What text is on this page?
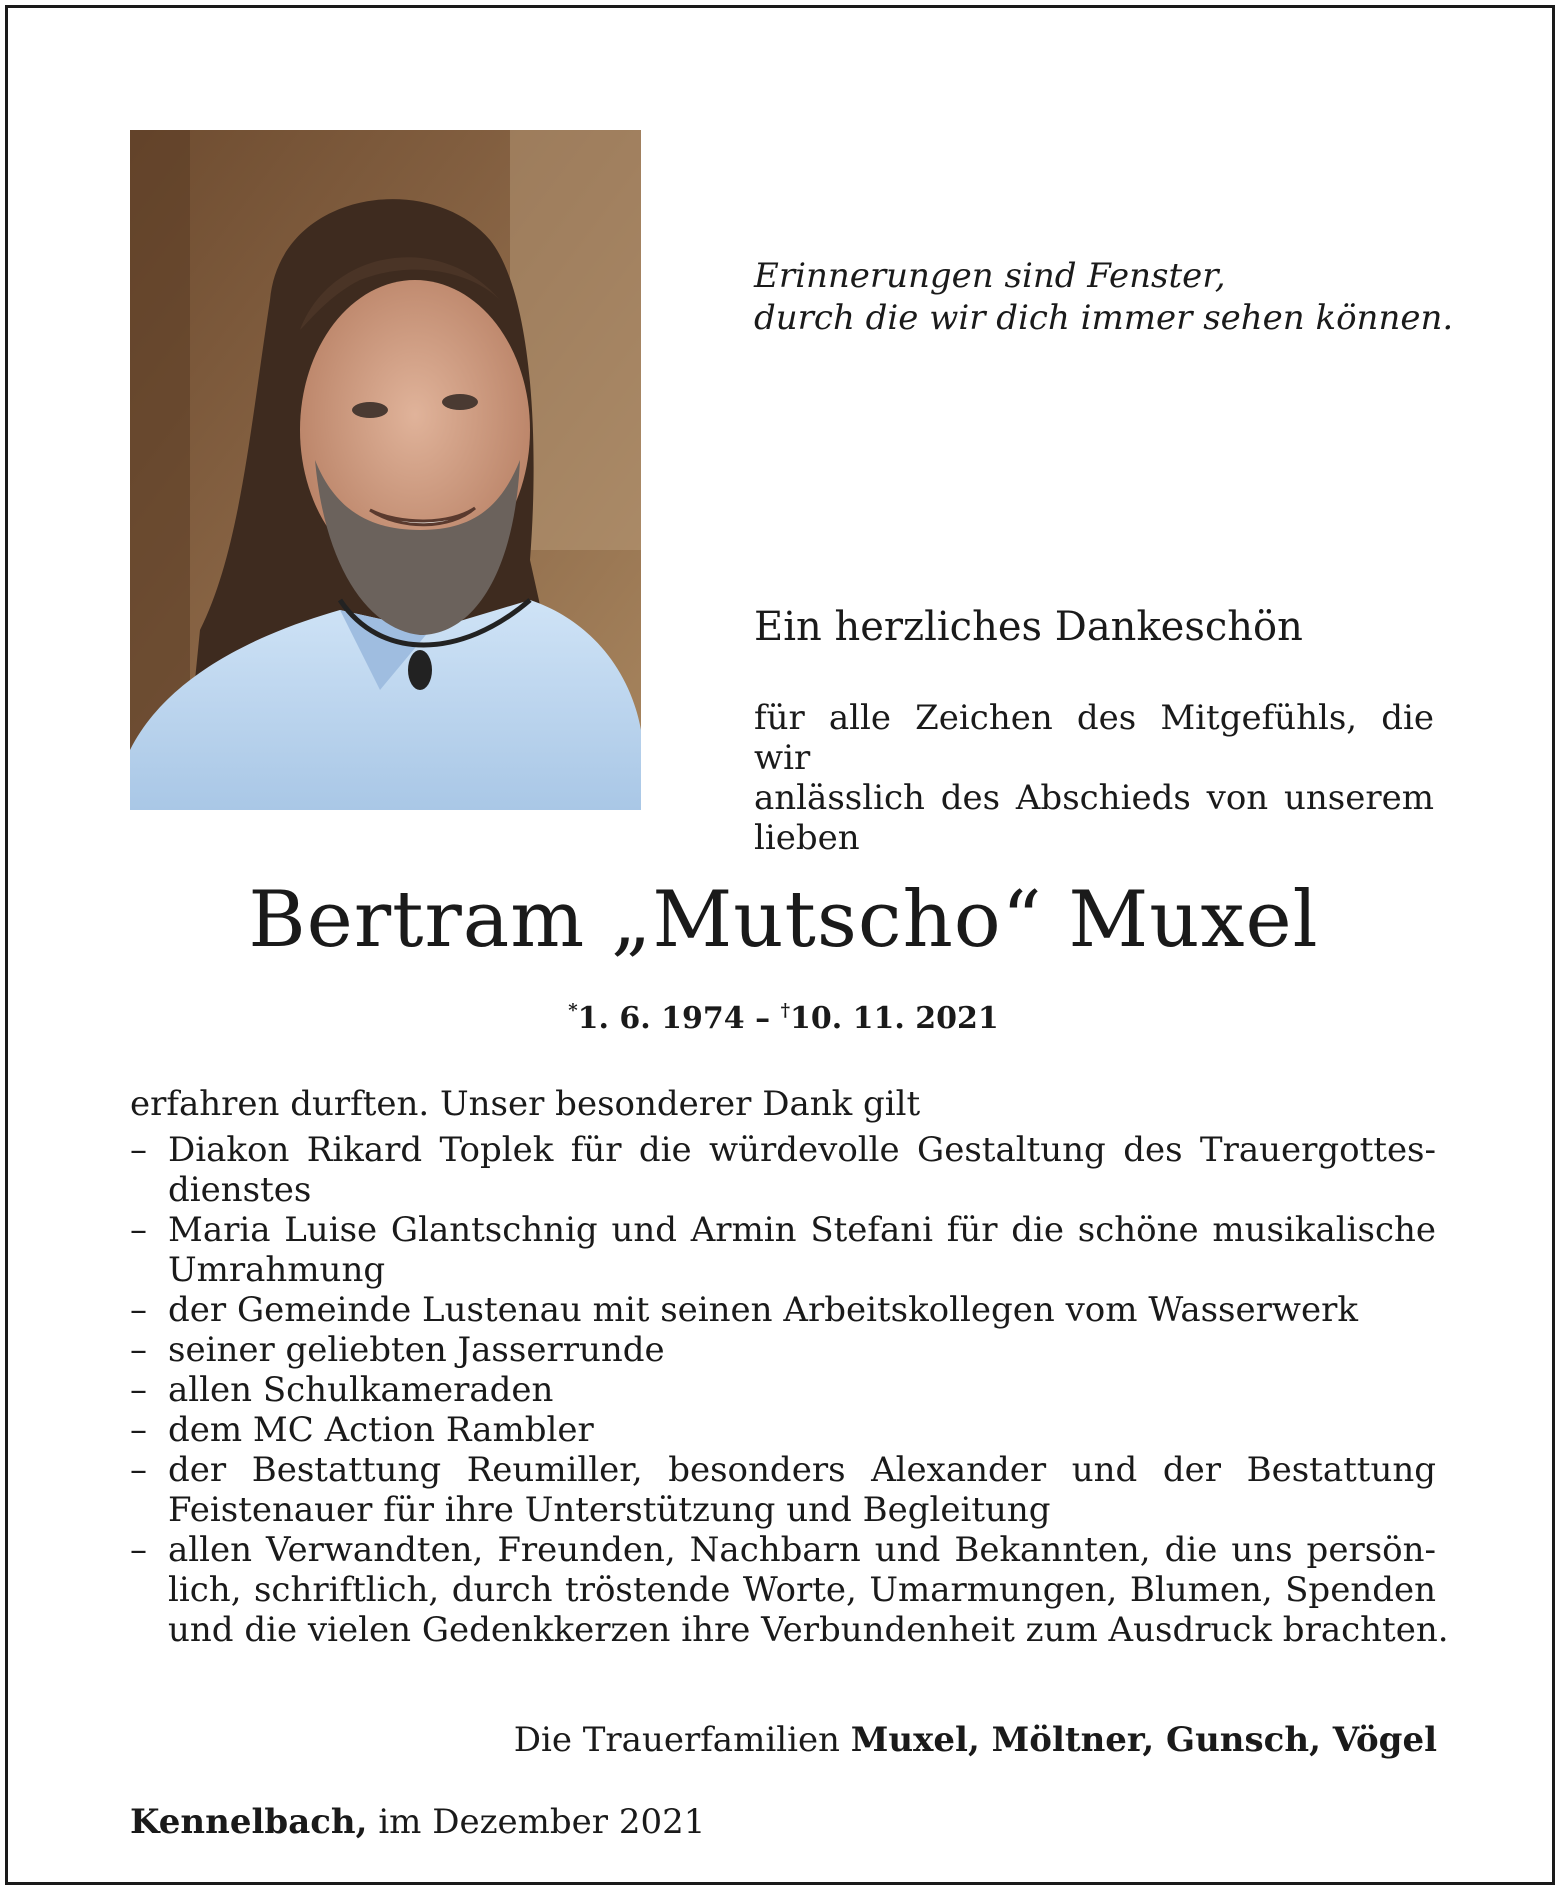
Erinnerungen sind Fenster,
durch die wir dich immer sehen können.
Ein herzliches Dankeschön
für alle Zeichen des Mitgefühls, die wir
anlässlich des Abschieds von unserem
lieben
Bertram „Mutscho“ Muxel
*1. 6. 1974 – †10. 11. 2021
erfahren durften. Unser besonderer Dank gilt
– Diakon Rikard Toplek für die würdevolle Gestaltung des Trauergottes-
dienstes
– Maria Luise Glantschnig und Armin Stefani für die schöne musikalische
Umrahmung
– der Gemeinde Lustenau mit seinen Arbeitskollegen vom Wasserwerk
– seiner geliebten Jasserrunde
– allen Schulkameraden
– dem MC Action Rambler
– der Bestattung Reumiller, besonders Alexander und der Bestattung
Feistenauer für ihre Unterstützung und Begleitung
– allen Verwandten, Freunden, Nachbarn und Bekannten, die uns persön-
lich, schriftlich, durch tröstende Worte, Umarmungen, Blumen, Spenden
und die vielen Gedenkkerzen ihre Verbundenheit zum Ausdruck brachten.
Die Trauerfamilien Muxel, Möltner, Gunsch, Vögel
Kennelbach, im Dezember 2021
